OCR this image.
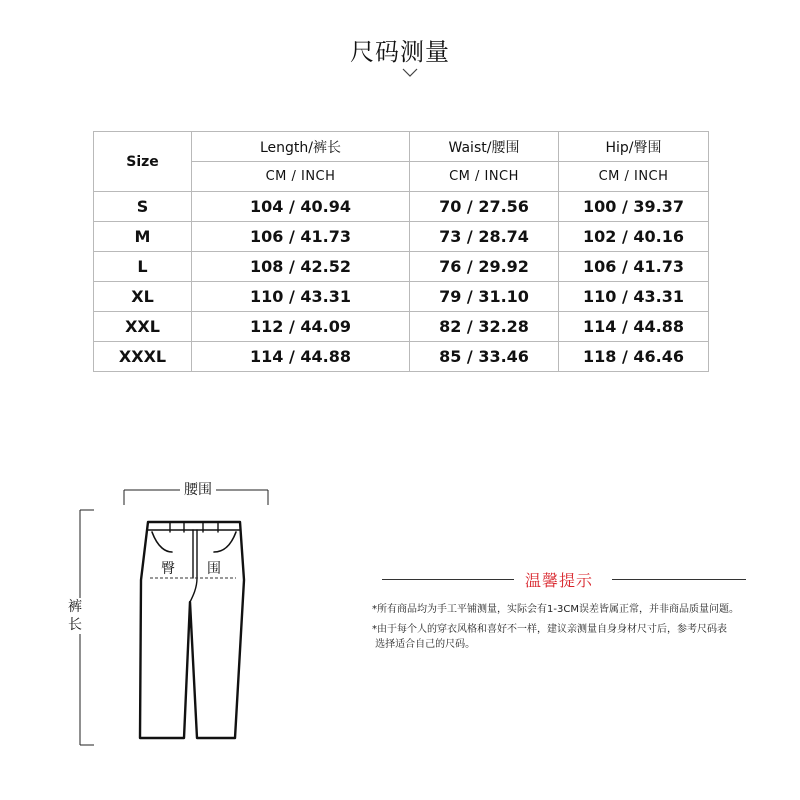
尺码测量
Size	Length/裤长	Waist/腰围	Hip/臀围
	CM / INCH	CM / INCH	CM / INCH
S	104 / 40.94	70 / 27.56	100 / 39.37
M	106 / 41.73	73 / 28.74	102 / 40.16
L	108 / 42.52	76 / 29.92	106 / 41.73
XL	110 / 43.31	79 / 31.10	110 / 43.31
XXL	112 / 44.09	82 / 32.28	114 / 44.88
XXXL	114 / 44.88	85 / 33.46	118 / 46.46
腰围
裤
长
臀 围
温馨提示
*所有商品均为手工平铺测量，实际会有1-3CM误差皆属正常，并非商品质量问题。
*由于每个人的穿衣风格和喜好不一样，建议亲测量自身身材尺寸后，参考尺码表
选择适合自己的尺码。
